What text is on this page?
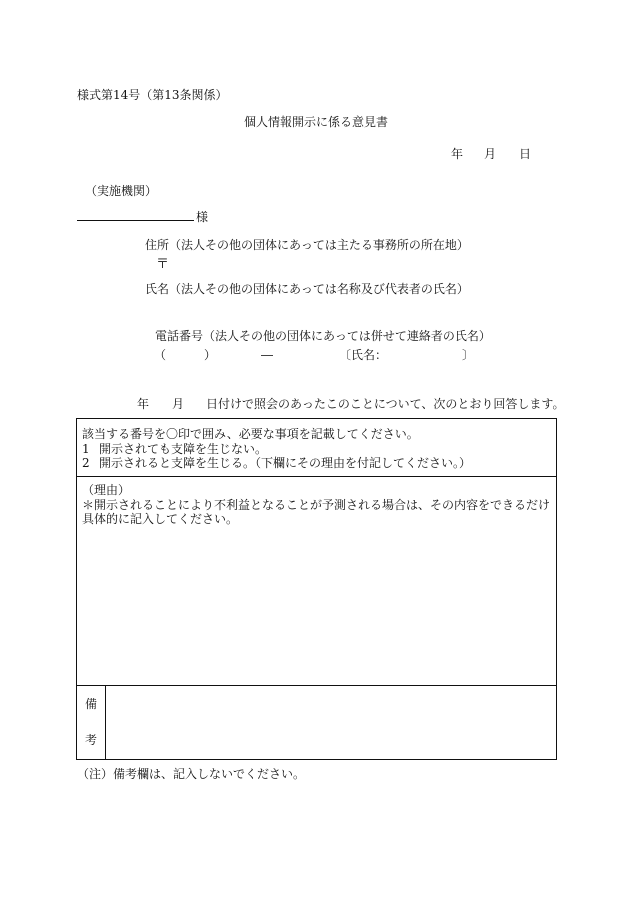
様式第14号（第13条関係）
個人情報開示に係る意見書
年 月 日
（実施機関）
様
住所（法人その他の団体にあっては主たる事務所の所在地）
〒
氏名（法人その他の団体にあっては名称及び代表者の氏名）
電話番号（法人その他の団体にあっては併せて連絡者の氏名）
（	）	―	〔氏名：	〕
年 月 日付けで照会のあったこのことについて、次のとおり回答します。
該当する番号を〇印で囲み、必要な事項を記載してください。
1 開示されても支障を生じない。
2 開示されると支障を生じる。（下欄にその理由を付記してください。）
（理由）
＊開示されることにより不利益となることが予測される場合は、その内容をできるだけ
具体的に記入してください。
備
考
（注） 備考欄は、記入しないでください。
